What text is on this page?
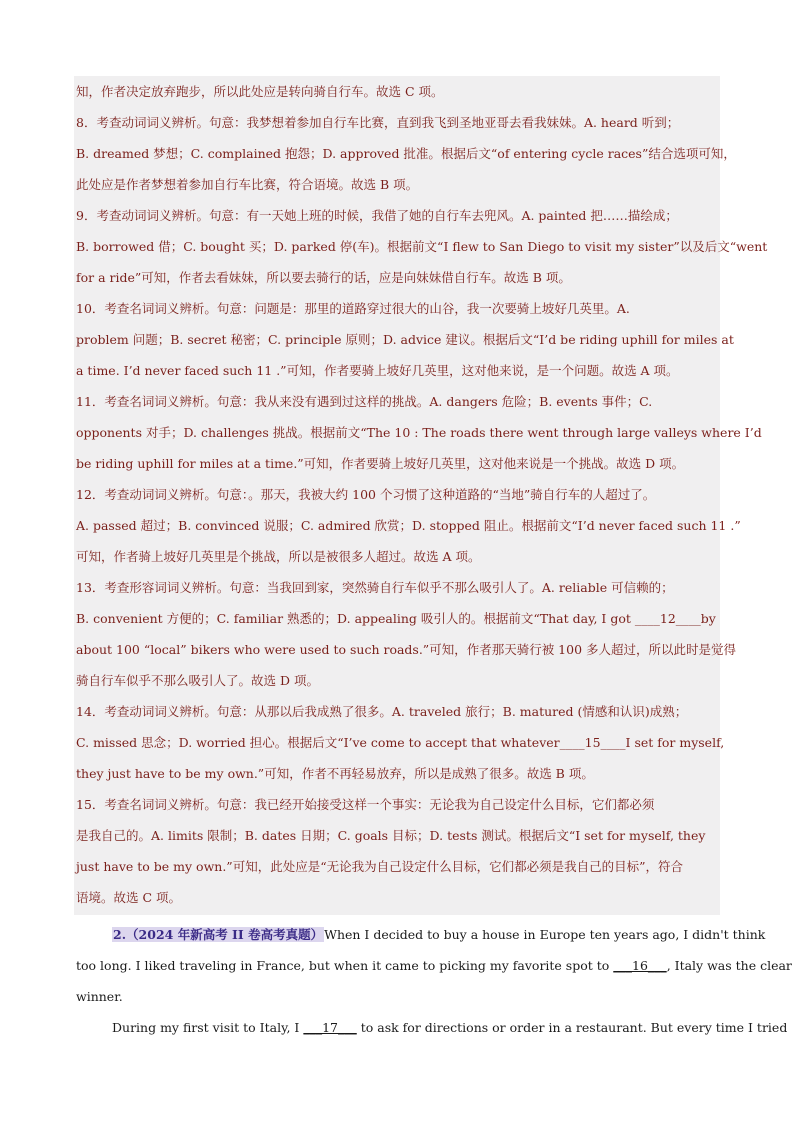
知，作者决定放弃跑步，所以此处应是转向骑自行车。故选 C 项。
8．考查动词词义辨析。句意：我梦想着参加自行车比赛，直到我飞到圣地亚哥去看我妹妹。A. heard 听到；
B. dreamed 梦想；C. complained 抱怨；D. approved 批准。根据后文“of entering cycle races”结合选项可知，
此处应是作者梦想着参加自行车比赛，符合语境。故选 B 项。
9．考查动词词义辨析。句意：有一天她上班的时候，我借了她的自行车去兜风。A. painted 把……描绘成；
B. borrowed 借；C. bought 买；D. parked 停(车)。根据前文“I flew to San Diego to visit my sister”以及后文“went
for a ride”可知，作者去看妹妹，所以要去骑行的话，应是向妹妹借自行车。故选 B 项。
10．考查名词词义辨析。句意：问题是：那里的道路穿过很大的山谷，我一次要骑上坡好几英里。A.
problem 问题；B. secret 秘密；C. principle 原则；D. advice 建议。根据后文“I’d be riding uphill for miles at
a time. I’d never faced such 11 .”可知，作者要骑上坡好几英里，这对他来说，是一个问题。故选 A 项。
11．考查名词词义辨析。句意：我从来没有遇到过这样的挑战。A. dangers 危险；B. events 事件；C.
opponents 对手；D. challenges 挑战。根据前文“The 10 : The roads there went through large valleys where I’d
be riding uphill for miles at a time.”可知，作者要骑上坡好几英里，这对他来说是一个挑战。故选 D 项。
12．考查动词词义辨析。句意：。那天，我被大约 100 个习惯了这种道路的“当地”骑自行车的人超过了。
A. passed 超过；B. convinced 说服；C. admired 欣赏；D. stopped 阻止。根据前文“I’d never faced such 11 .”
可知，作者骑上坡好几英里是个挑战，所以是被很多人超过。故选 A 项。
13．考查形容词词义辨析。句意：当我回到家，突然骑自行车似乎不那么吸引人了。A. reliable 可信赖的；
B. convenient 方便的；C. familiar 熟悉的；D. appealing 吸引人的。根据前文“That day, I got ____12____by
about 100 “local” bikers who were used to such roads.”可知，作者那天骑行被 100 多人超过，所以此时是觉得
骑自行车似乎不那么吸引人了。故选 D 项。
14．考查动词词义辨析。句意：从那以后我成熟了很多。A. traveled 旅行；B. matured (情感和认识)成熟；
C. missed 思念；D. worried 担心。根据后文“I’ve come to accept that whatever____15____I set for myself,
they just have to be my own.”可知，作者不再轻易放弃，所以是成熟了很多。故选 B 项。
15．考查名词词义辨析。句意：我已经开始接受这样一个事实：无论我为自己设定什么目标，它们都必须
是我自己的。A. limits 限制；B. dates 日期；C. goals 目标；D. tests 测试。根据后文“I set for myself, they
just have to be my own.”可知，此处应是“无论我为自己设定什么目标，它们都必须是我自己的目标”，符合
语境。故选 C 项。
2.（2024 年新高考 II 卷高考真题）When I decided to buy a house in Europe ten years ago, I didn't think
too long. I liked traveling in France, but when it came to picking my favorite spot to ___16___, Italy was the clear
winner.
During my first visit to Italy, I ___17___ to ask for directions or order in a restaurant. But every time I tried
